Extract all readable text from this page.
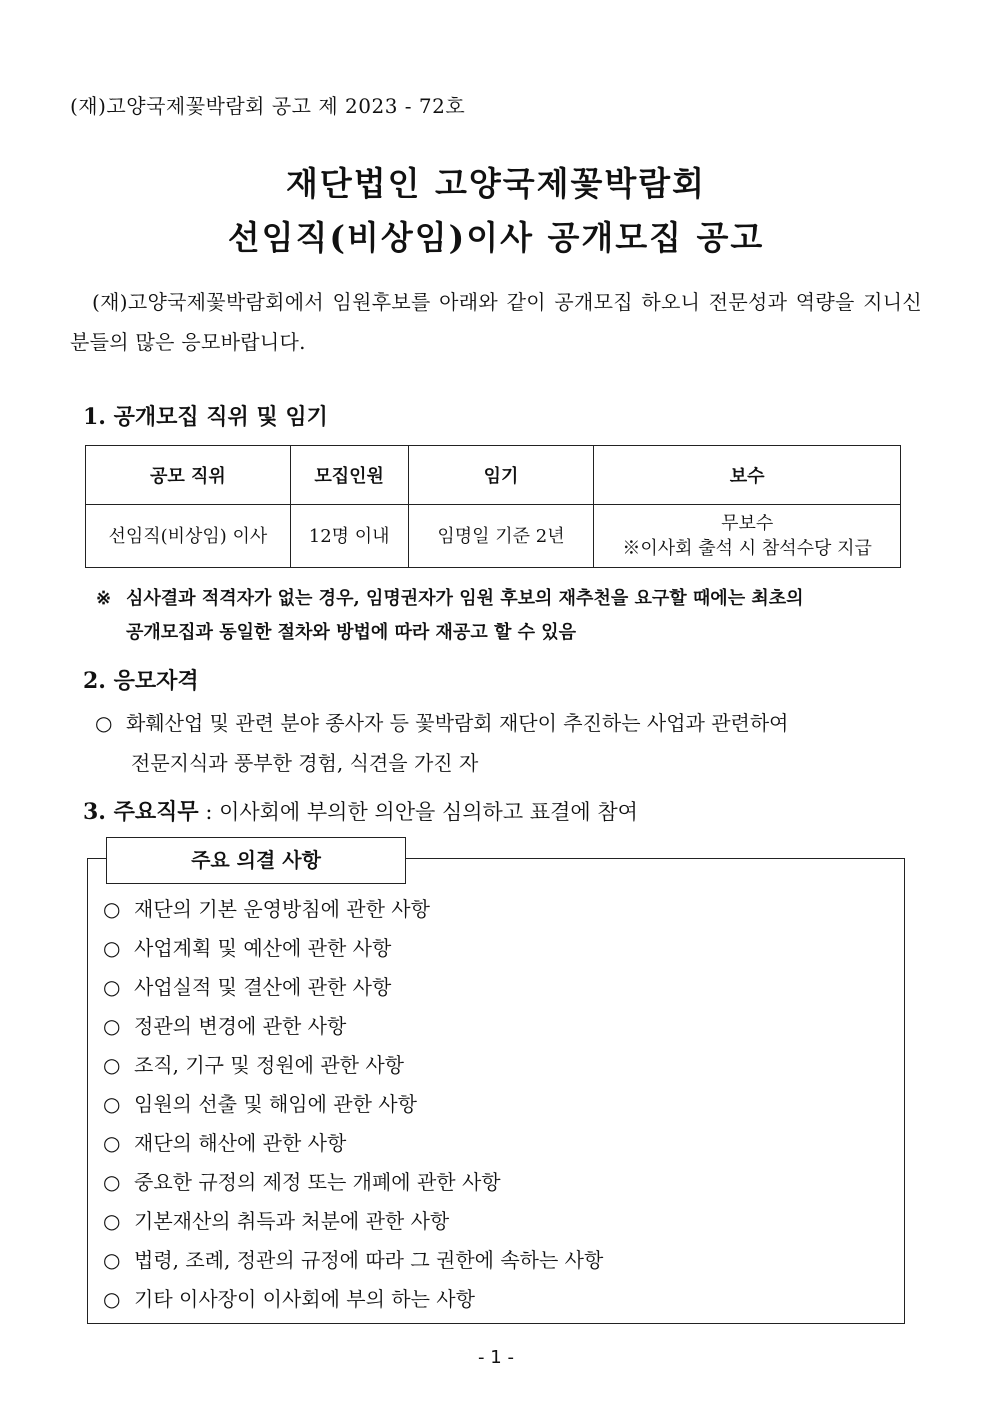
(재)고양국제꽃박람회 공고 제 2023 - 72호
재단법인 고양국제꽃박람회
선임직(비상임)이사 공개모집 공고
(재)고양국제꽃박람회에서 임원후보를 아래와 같이 공개모집 하오니 전문성과 역량을 지니신 분들의 많은 응모바랍니다.
1. 공개모집 직위 및 임기
공모 직위	모집인원	임기	보수
선임직(비상임) 이사	12명 이내	임명일 기준 2년	무보수
※이사회 출석 시 참석수당 지급
※ 심사결과 적격자가 없는 경우, 임명권자가 임원 후보의 재추천을 요구할 때에는 최초의
공개모집과 동일한 절차와 방법에 따라 재공고 할 수 있음
2. 응모자격
○ 화훼산업 및 관련 분야 종사자 등 꽃박람회 재단이 추진하는 사업과 관련하여
전문지식과 풍부한 경험, 식견을 가진 자
3. 주요직무 : 이사회에 부의한 의안을 심의하고 표결에 참여
주요 의결 사항
○ 재단의 기본 운영방침에 관한 사항
○ 사업계획 및 예산에 관한 사항
○ 사업실적 및 결산에 관한 사항
○ 정관의 변경에 관한 사항
○ 조직, 기구 및 정원에 관한 사항
○ 임원의 선출 및 해임에 관한 사항
○ 재단의 해산에 관한 사항
○ 중요한 규정의 제정 또는 개폐에 관한 사항
○ 기본재산의 취득과 처분에 관한 사항
○ 법령, 조례, 정관의 규정에 따라 그 권한에 속하는 사항
○ 기타 이사장이 이사회에 부의 하는 사항
- 1 -
